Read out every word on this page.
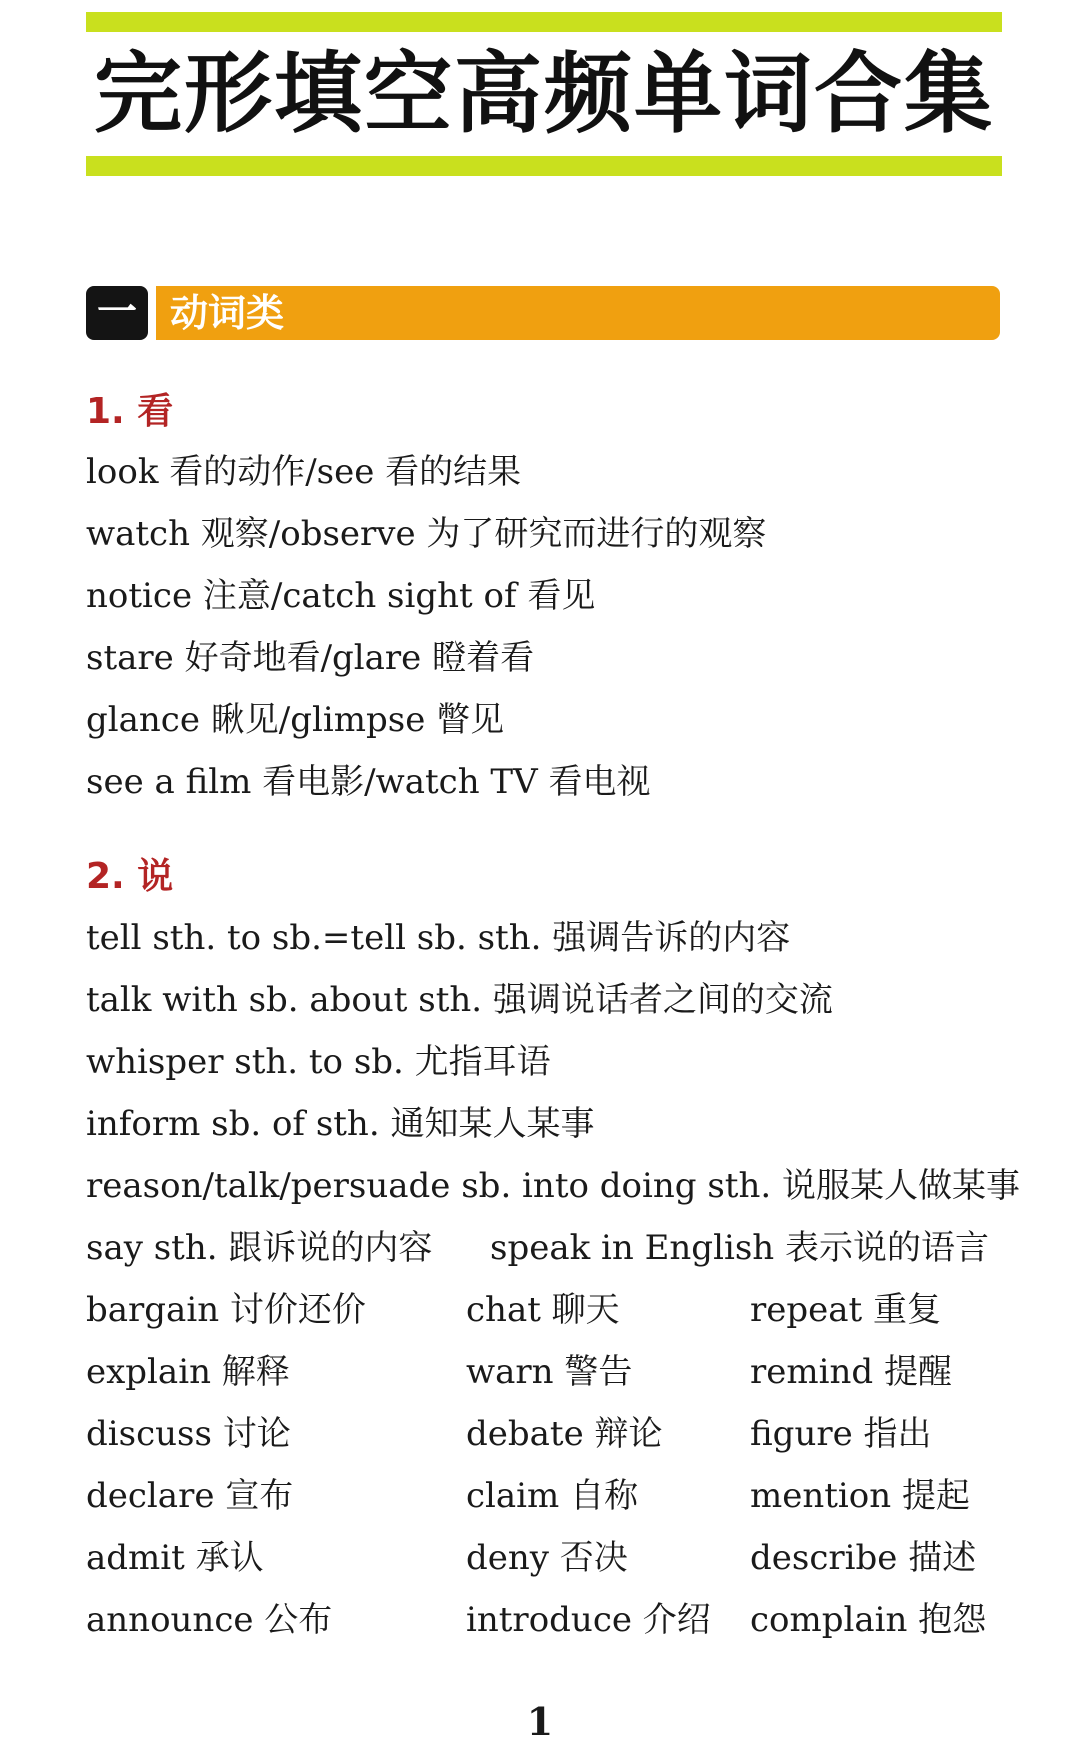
完形填空高频单词合集
一 动词类
1. 看
look 看的动作/see 看的结果
watch 观察/observe 为了研究而进行的观察
notice 注意/catch sight of 看见
stare 好奇地看/glare 瞪着看
glance 瞅见/glimpse 瞥见
see a film 看电影/watch TV 看电视
2. 说
tell sth. to sb.=tell sb. sth. 强调告诉的内容
talk with sb. about sth. 强调说话者之间的交流
whisper sth. to sb. 尤指耳语
inform sb. of sth. 通知某人某事
reason/talk/persuade sb. into doing sth. 说服某人做某事
say sth. 跟诉说的内容 speak in English 表示说的语言
bargain 讨价还价	chat 聊天	repeat 重复
explain 解释	warn 警告	remind 提醒
discuss 讨论	debate 辩论	figure 指出
declare 宣布	claim 自称	mention 提起
admit 承认	deny 否决	describe 描述
announce 公布	introduce 介绍 complain 抱怨
1
